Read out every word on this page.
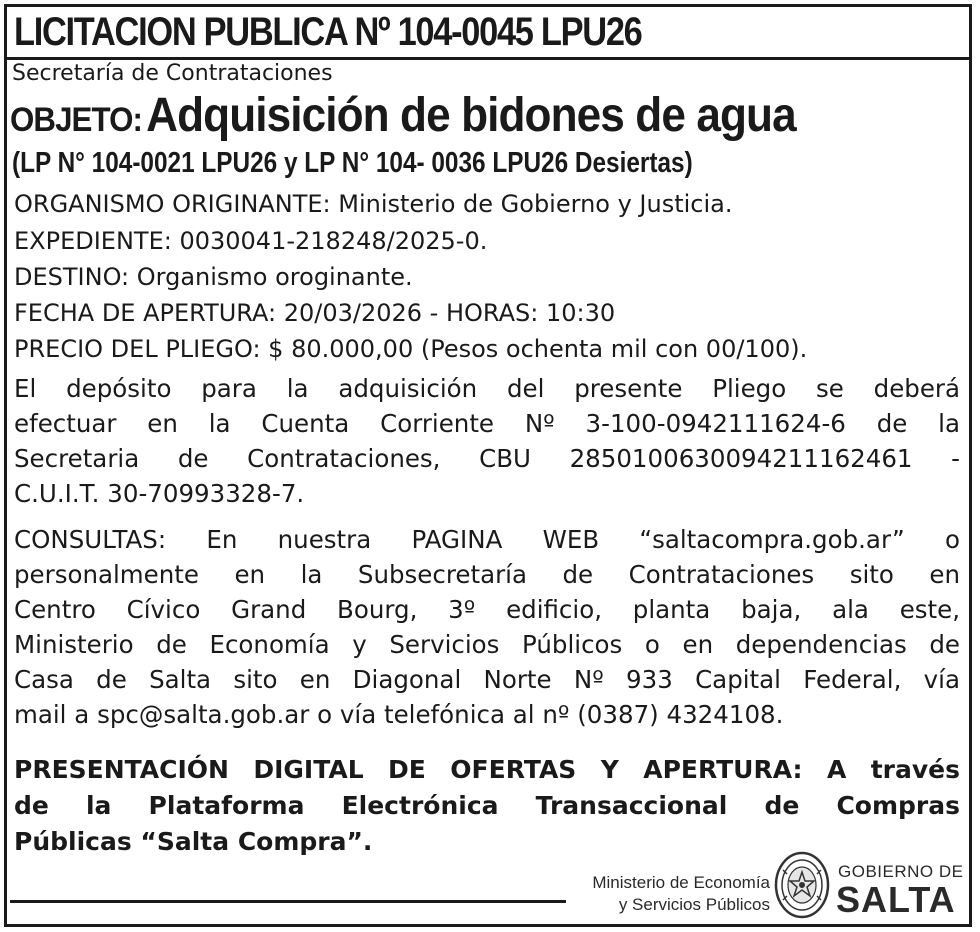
LICITACION PUBLICA Nº 104-0045 LPU26
Secretaría de Contrataciones
OBJETO: Adquisición de bidones de agua
(LP N° 104-0021 LPU26 y LP N° 104- 0036 LPU26 Desiertas)
ORGANISMO ORIGINANTE: Ministerio de Gobierno y Justicia.
EXPEDIENTE: 0030041-218248/2025-0.
DESTINO: Organismo oroginante.
FECHA DE APERTURA: 20/03/2026 - HORAS: 10:30
PRECIO DEL PLIEGO: $ 80.000,00 (Pesos ochenta mil con 00/100).
El depósito para la adquisición del presente Pliego se deberá
efectuar en la Cuenta Corriente Nº 3-100-0942111624-6 de la
Secretaria de Contrataciones, CBU 2850100630094211162461 -
C.U.I.T. 30-70993328-7.
CONSULTAS: En nuestra PAGINA WEB “saltacompra.gob.ar” o
personalmente en la Subsecretaría de Contrataciones sito en
Centro Cívico Grand Bourg, 3º edificio, planta baja, ala este,
Ministerio de Economía y Servicios Públicos o en dependencias de
Casa de Salta sito en Diagonal Norte Nº 933 Capital Federal, vía
mail a spc@salta.gob.ar o vía telefónica al nº (0387) 4324108.
PRESENTACIÓN DIGITAL DE OFERTAS Y APERTURA: A través
de la Plataforma Electrónica Transaccional de Compras
Públicas “Salta Compra”.
Ministerio de Economía
y Servicios Públicos
GOBIERNO DE
SALTA
